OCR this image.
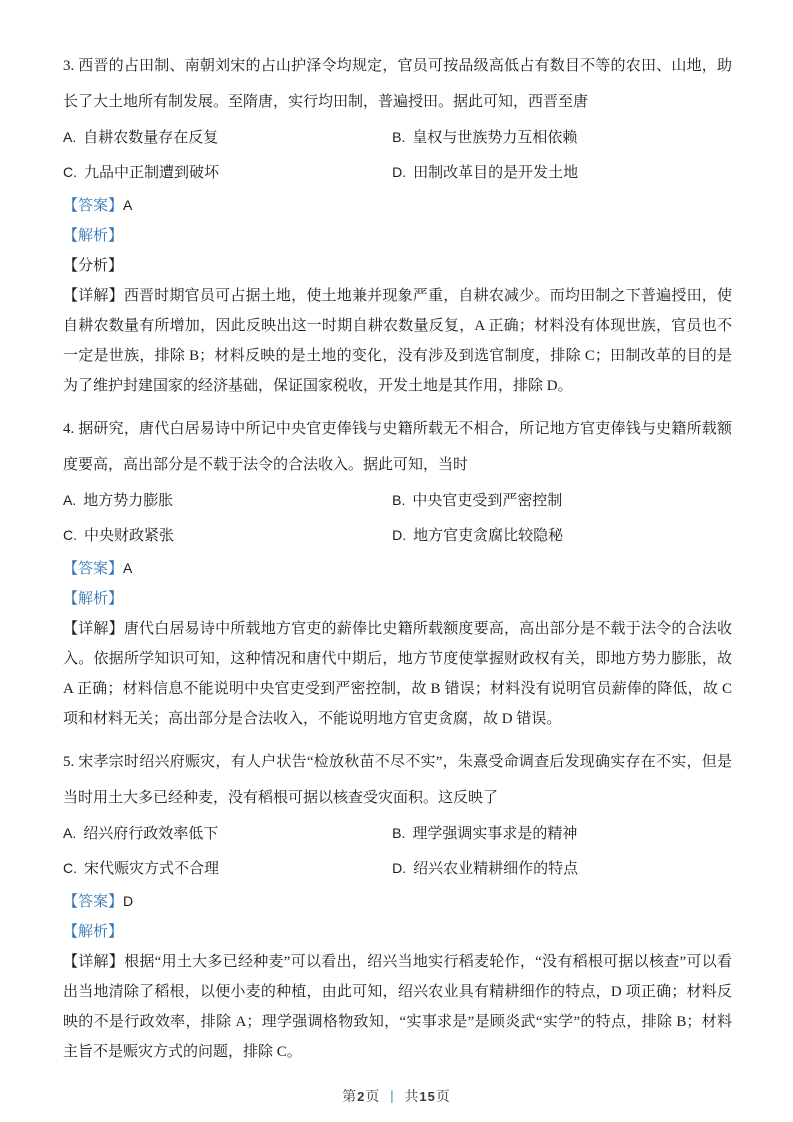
3. 西晋的占田制、南朝刘宋的占山护泽令均规定，官员可按品级高低占有数目不等的农田、山地，助长了大土地所有制发展。至隋唐，实行均田制，普遍授田。据此可知，西晋至唐

A. 自耕农数量存在反复	B. 皇权与世族势力互相依赖
C. 九品中正制遭到破坏	D. 田制改革目的是开发土地

【答案】A

【解析】

【分析】

【详解】西晋时期官员可占据土地，使土地兼并现象严重，自耕农减少。而均田制之下普遍授田，使自耕农数量有所增加，因此反映出这一时期自耕农数量反复，A 正确；材料没有体现世族，官员也不一定是世族，排除 B；材料反映的是土地的变化，没有涉及到选官制度，排除 C；田制改革的目的是为了维护封建国家的经济基础，保证国家税收，开发土地是其作用，排除 D。

4. 据研究，唐代白居易诗中所记中央官吏俸钱与史籍所载无不相合，所记地方官吏俸钱与史籍所载额度要高，高出部分是不载于法令的合法收入。据此可知，当时

A. 地方势力膨胀	B. 中央官吏受到严密控制
C. 中央财政紧张	D. 地方官吏贪腐比较隐秘

【答案】A

【解析】

【详解】唐代白居易诗中所载地方官吏的薪俸比史籍所载额度要高，高出部分是不载于法令的合法收入。依据所学知识可知，这种情况和唐代中期后，地方节度使掌握财政权有关，即地方势力膨胀，故 A 正确；材料信息不能说明中央官吏受到严密控制，故 B 错误；材料没有说明官员薪俸的降低，故 C 项和材料无关；高出部分是合法收入，不能说明地方官吏贪腐，故 D 错误。

5. 宋孝宗时绍兴府赈灾，有人户状告“检放秋苗不尽不实”，朱熹受命调查后发现确实存在不实，但是当时用土大多已经种麦，没有稻根可据以核查受灾面积。这反映了

A. 绍兴府行政效率低下	B. 理学强调实事求是的精神
C. 宋代赈灾方式不合理	D. 绍兴农业精耕细作的特点

【答案】D

【解析】

【详解】根据“用土大多已经种麦”可以看出，绍兴当地实行稻麦轮作，“没有稻根可据以核查”可以看出当地清除了稻根，以便小麦的种植，由此可知，绍兴农业具有精耕细作的特点，D 项正确；材料反映的不是行政效率，排除 A；理学强调格物致知，“实事求是”是顾炎武“实学”的特点，排除 B；材料主旨不是赈灾方式的问题，排除 C。

第2页 | 共15页
